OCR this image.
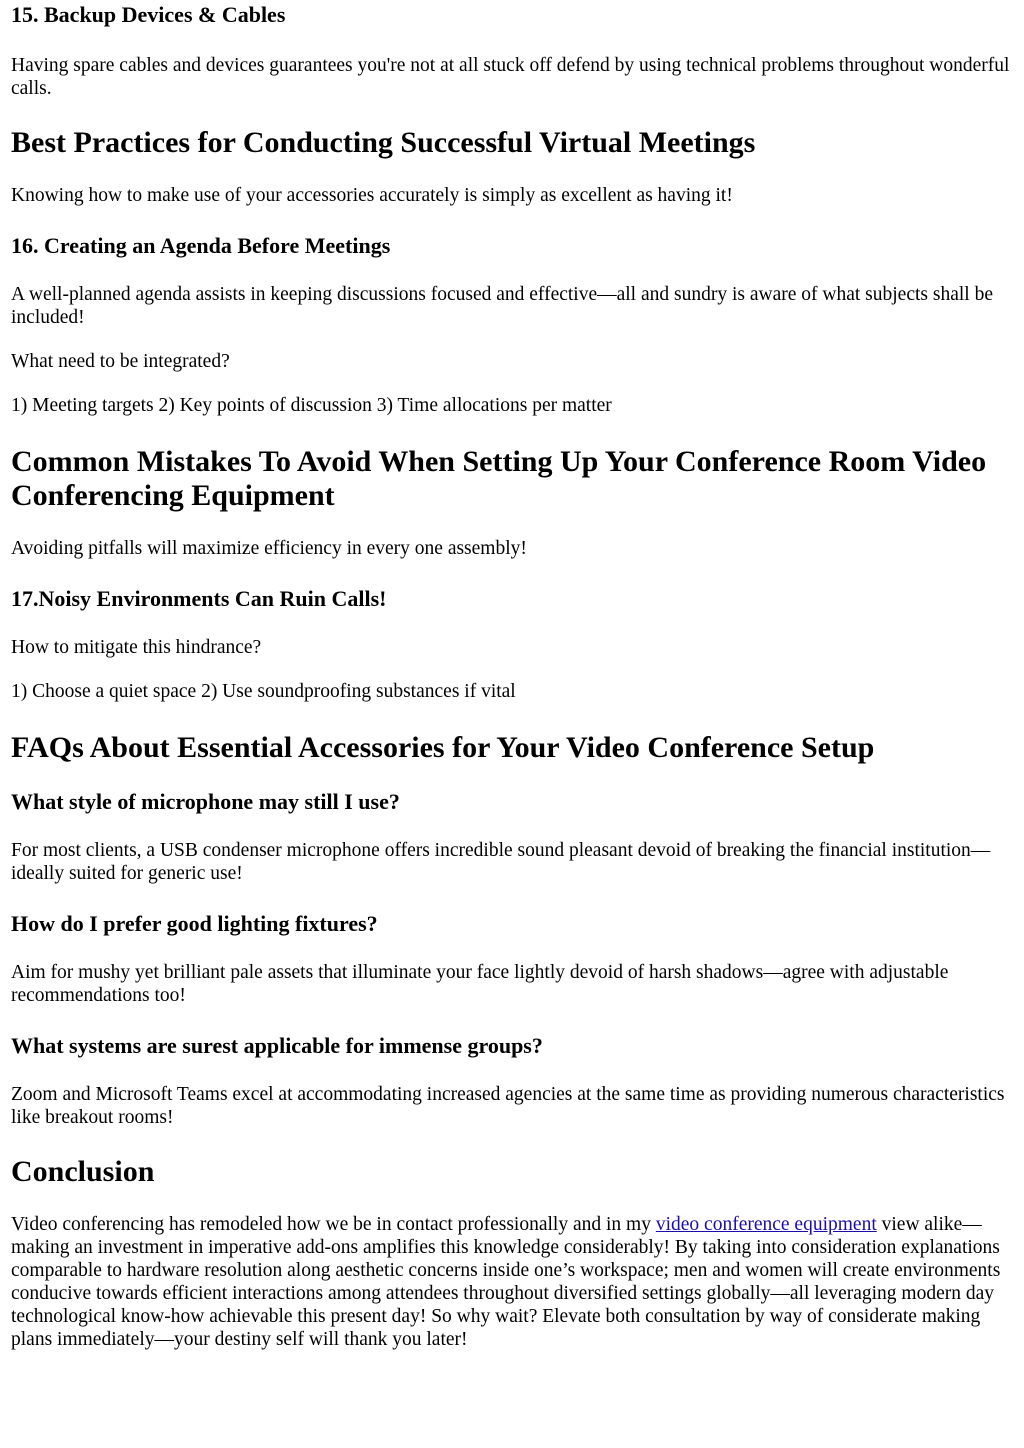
15. Backup Devices & Cables

Having spare cables and devices guarantees you're not at all stuck off defend by using technical problems throughout wonderful calls.

Best Practices for Conducting Successful Virtual Meetings

Knowing how to make use of your accessories accurately is simply as excellent as having it!

16. Creating an Agenda Before Meetings

A well-planned agenda assists in keeping discussions focused and effective—all and sundry is aware of what subjects shall be included!

What need to be integrated?

1) Meeting targets 2) Key points of discussion 3) Time allocations per matter

Common Mistakes To Avoid When Setting Up Your Conference Room Video Conferencing Equipment

Avoiding pitfalls will maximize efficiency in every one assembly!

17.Noisy Environments Can Ruin Calls!

How to mitigate this hindrance?

1) Choose a quiet space 2) Use soundproofing substances if vital

FAQs About Essential Accessories for Your Video Conference Setup
What style of microphone may still I use?

For most clients, a USB condenser microphone offers incredible sound pleasant devoid of breaking the financial institution—ideally suited for generic use!

How do I prefer good lighting fixtures?

Aim for mushy yet brilliant pale assets that illuminate your face lightly devoid of harsh shadows—agree with adjustable recommendations too!

What systems are surest applicable for immense groups?

Zoom and Microsoft Teams excel at accommodating increased agencies at the same time as providing numerous characteristics like breakout rooms!

Conclusion

Video conferencing has remodeled how we be in contact professionally and in my video conference equipment view alike—making an investment in imperative add-ons amplifies this knowledge considerably! By taking into consideration explanations comparable to hardware resolution along aesthetic concerns inside one’s workspace; men and women will create environments conducive towards efficient interactions among attendees throughout diversified settings globally—all leveraging modern day technological know-how achievable this present day! So why wait? Elevate both consultation by way of considerate making plans immediately—your destiny self will thank you later!
